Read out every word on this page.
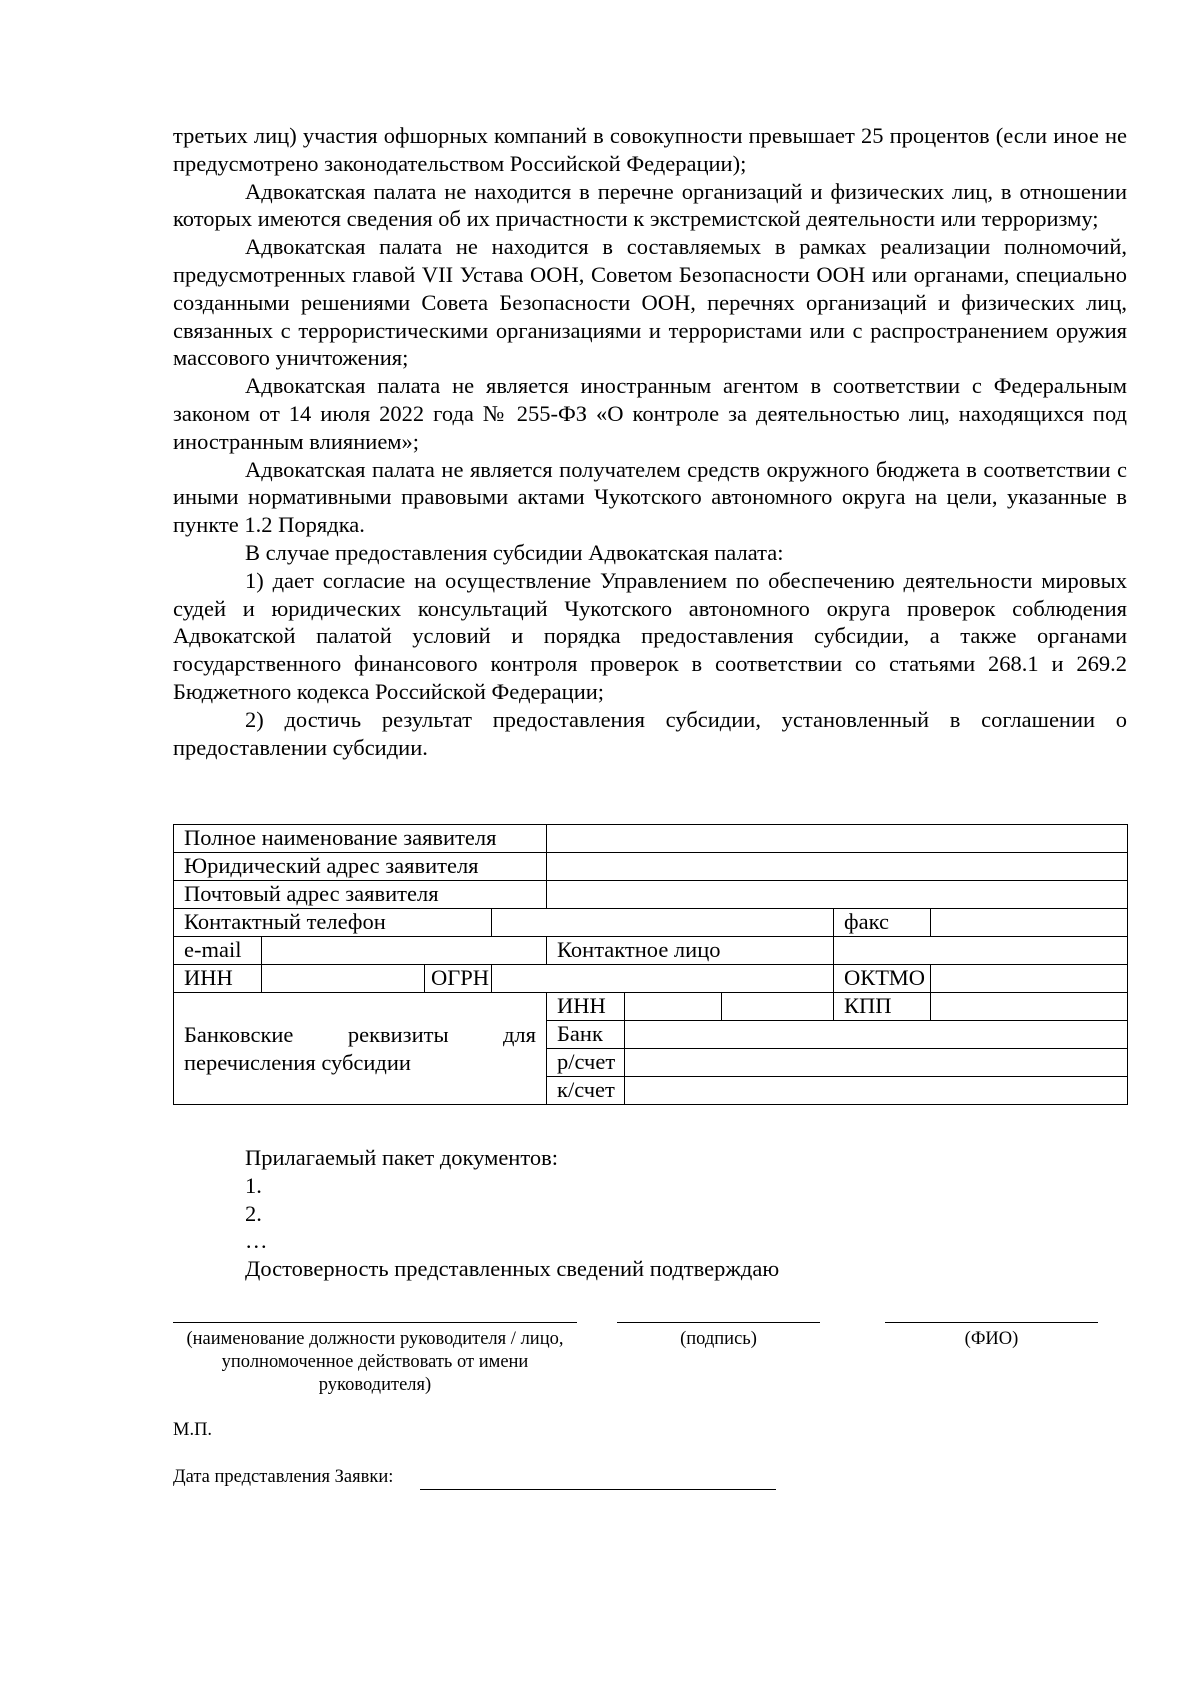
третьих лиц) участия офшорных компаний в совокупности превышает 25 процентов (если иное не предусмотрено законодательством Российской Федерации);

Адвокатская палата не находится в перечне организаций и физических лиц, в отношении которых имеются сведения об их причастности к экстремистской деятельности или терроризму;

Адвокатская палата не находится в составляемых в рамках реализации полномочий, предусмотренных главой VII Устава ООН, Советом Безопасности ООН или органами, специально созданными решениями Совета Безопасности ООН, перечнях организаций и физических лиц, связанных с террористическими организациями и террористами или с распространением оружия массового уничтожения;

Адвокатская палата не является иностранным агентом в соответствии с Федеральным законом от 14 июля 2022 года № 255-ФЗ «О контроле за деятельностью лиц, находящихся под иностранным влиянием»;

Адвокатская палата не является получателем средств окружного бюджета в соответствии с иными нормативными правовыми актами Чукотского автономного округа на цели, указанные в пункте 1.2 Порядка.

В случае предоставления субсидии Адвокатская палата:

1) дает согласие на осуществление Управлением по обеспечению деятельности мировых судей и юридических консультаций Чукотского автономного округа проверок соблюдения Адвокатской палатой условий и порядка предоставления субсидии, а также органами государственного финансового контроля проверок в соответствии со статьями 268.1 и 269.2 Бюджетного кодекса Российской Федерации;

2) достичь результат предоставления субсидии, установленный в соглашении о предоставлении субсидии.

Полное наименование заявителя						
Юридический адрес заявителя						
Почтовый адрес заявителя						
Контактный телефон					факс	
e-mail			Контактное лицо			
ИНН	ОГРН				ОКТМО	
Банковские реквизиты для перечисления субсидии			ИНН		КПП	

			Банк			

			р/счет			

			к/счет			
Прилагаемый пакет документов:
1.
2.
…
Достоверность представленных сведений подтверждаю
(наименование должности руководителя / лицо, уполномоченное действовать от имени руководителя)
(подпись)	(ФИО)
М.П.
Дата представления Заявки:
